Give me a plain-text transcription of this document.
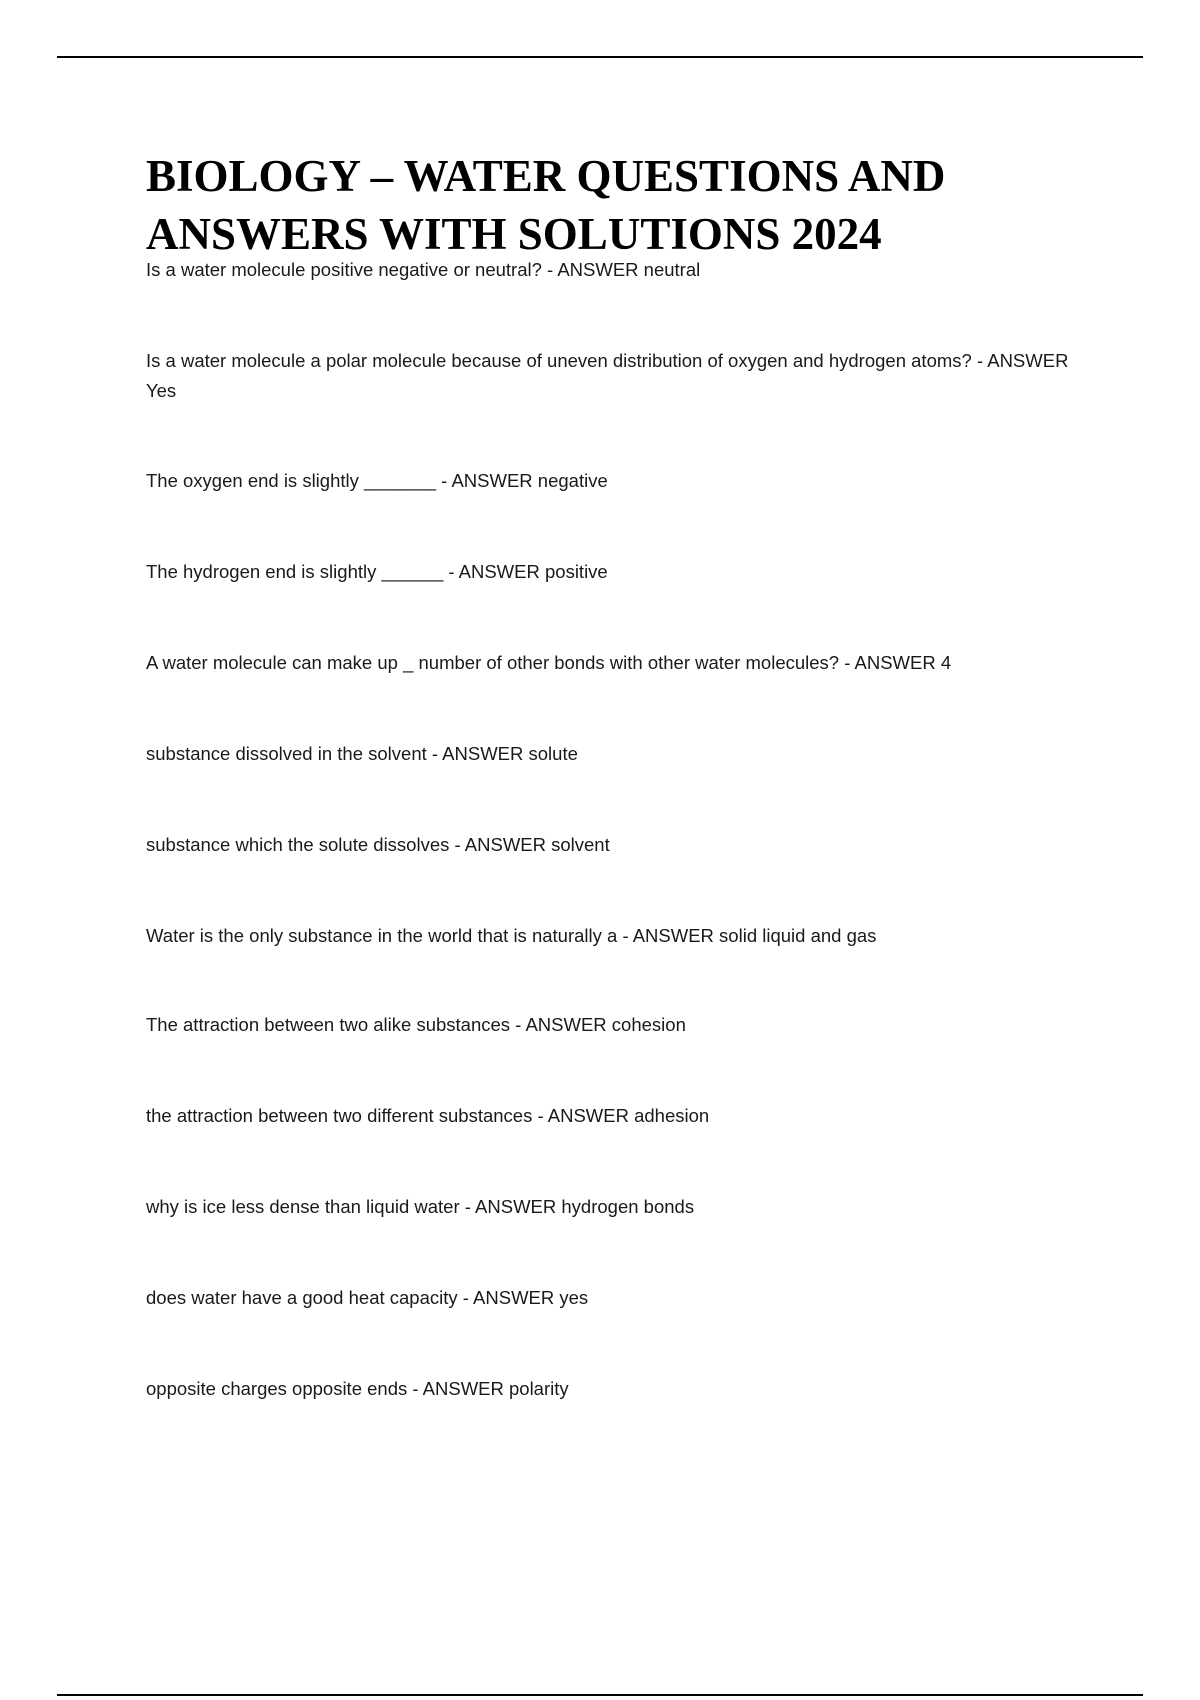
BIOLOGY – WATER QUESTIONS AND ANSWERS WITH SOLUTIONS 2024

Is a water molecule positive negative or neutral? - ANSWER neutral

Is a water molecule a polar molecule because of uneven distribution of oxygen and hydrogen atoms? - ANSWER Yes

The oxygen end is slightly _______ - ANSWER negative

The hydrogen end is slightly ______ - ANSWER positive

A water molecule can make up _ number of other bonds with other water molecules? - ANSWER 4

substance dissolved in the solvent - ANSWER solute

substance which the solute dissolves - ANSWER solvent

Water is the only substance in the world that is naturally a - ANSWER solid liquid and gas

The attraction between two alike substances - ANSWER cohesion

the attraction between two different substances - ANSWER adhesion

why is ice less dense than liquid water - ANSWER hydrogen bonds

does water have a good heat capacity - ANSWER yes

opposite charges opposite ends - ANSWER polarity
